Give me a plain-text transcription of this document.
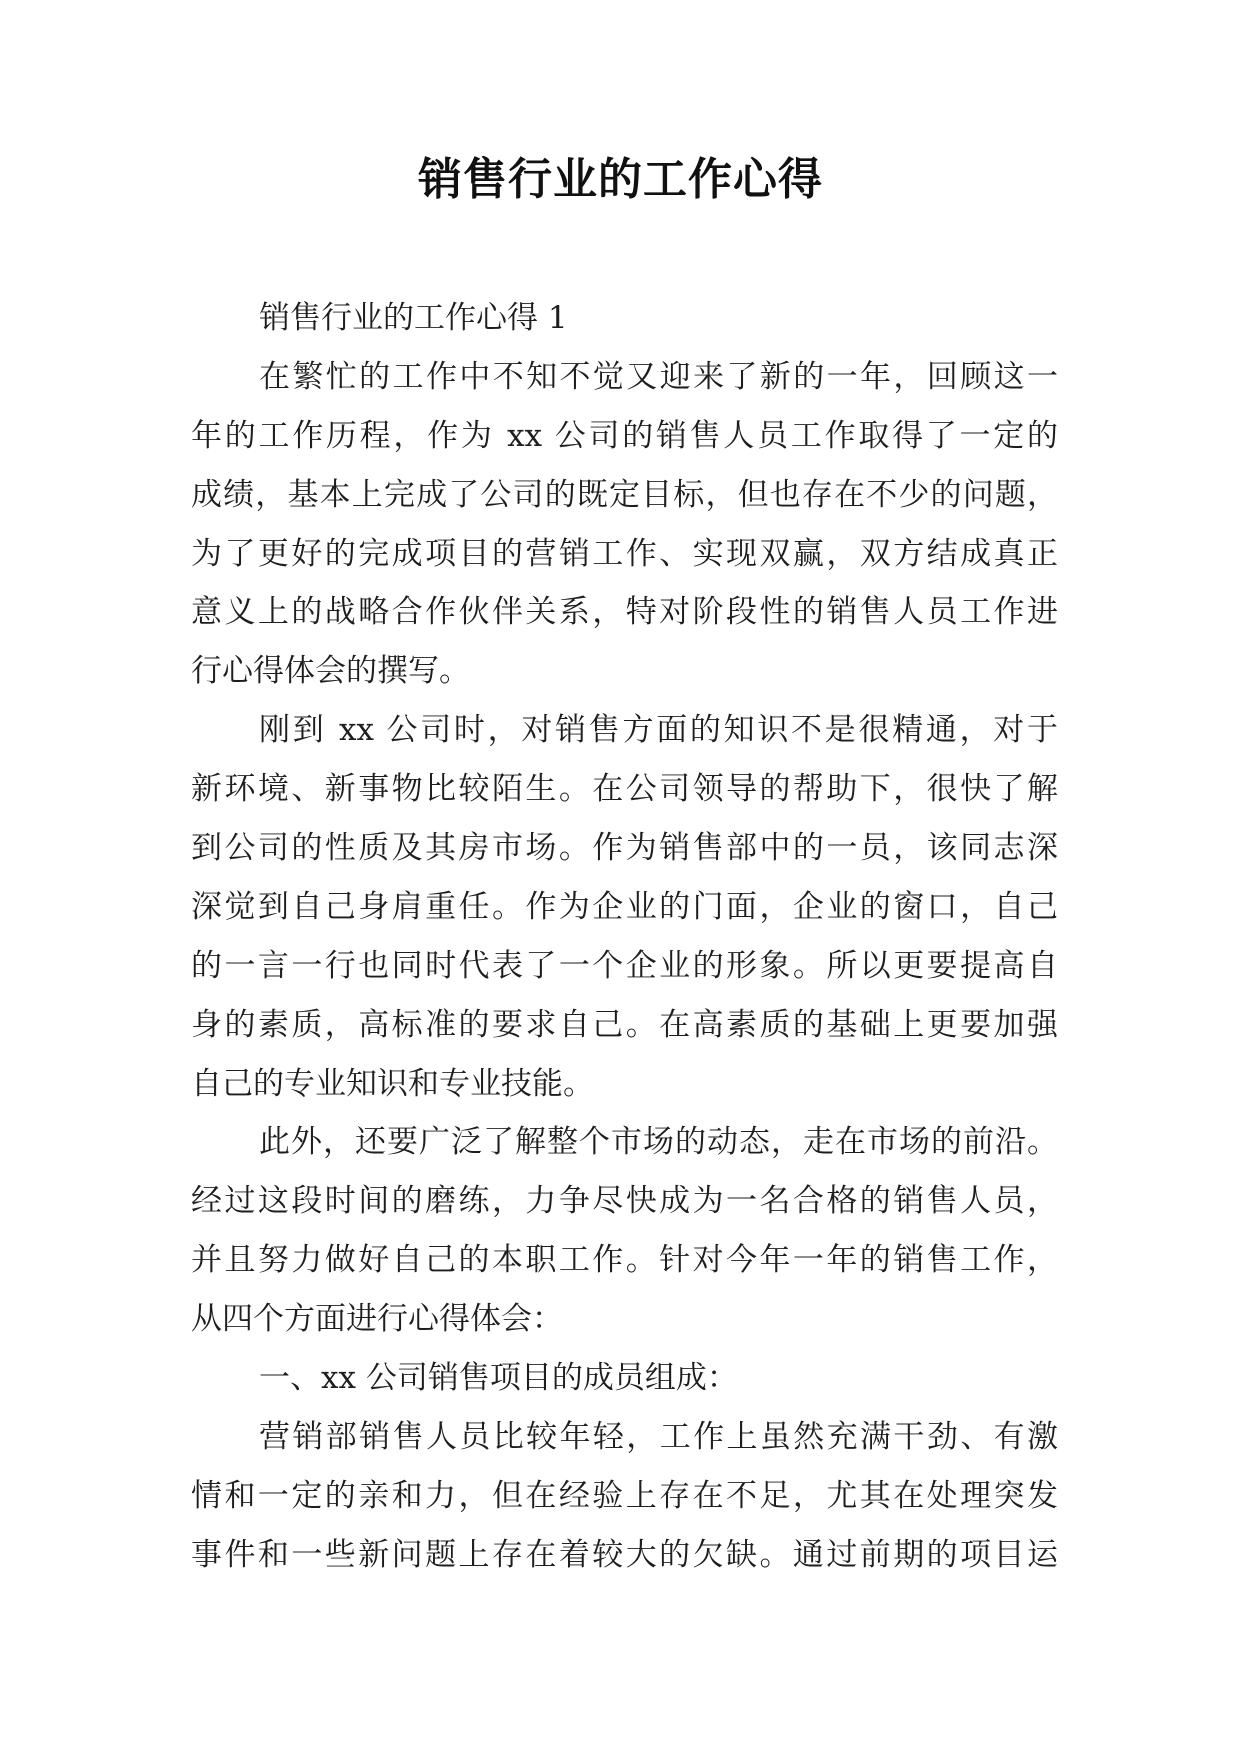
销售行业的工作心得
销售行业的工作心得 1
在繁忙的工作中不知不觉又迎来了新的一年，回顾这一
年的工作历程，作为 xx 公司的销售人员工作取得了一定的
成绩，基本上完成了公司的既定目标，但也存在不少的问题，
为了更好的完成项目的营销工作、实现双赢，双方结成真正
意义上的战略合作伙伴关系，特对阶段性的销售人员工作进
行心得体会的撰写。
刚到 xx 公司时，对销售方面的知识不是很精通，对于
新环境、新事物比较陌生。在公司领导的帮助下，很快了解
到公司的性质及其房市场。作为销售部中的一员，该同志深
深觉到自己身肩重任。作为企业的门面，企业的窗口，自己
的一言一行也同时代表了一个企业的形象。所以更要提高自
身的素质，高标准的要求自己。在高素质的基础上更要加强
自己的专业知识和专业技能。
此外，还要广泛了解整个市场的动态，走在市场的前沿。
经过这段时间的磨练，力争尽快成为一名合格的销售人员，
并且努力做好自己的本职工作。针对今年一年的销售工作，
从四个方面进行心得体会：
一、xx 公司销售项目的成员组成：
营销部销售人员比较年轻，工作上虽然充满干劲、有激
情和一定的亲和力，但在经验上存在不足，尤其在处理突发
事件和一些新问题上存在着较大的欠缺。通过前期的项目运
